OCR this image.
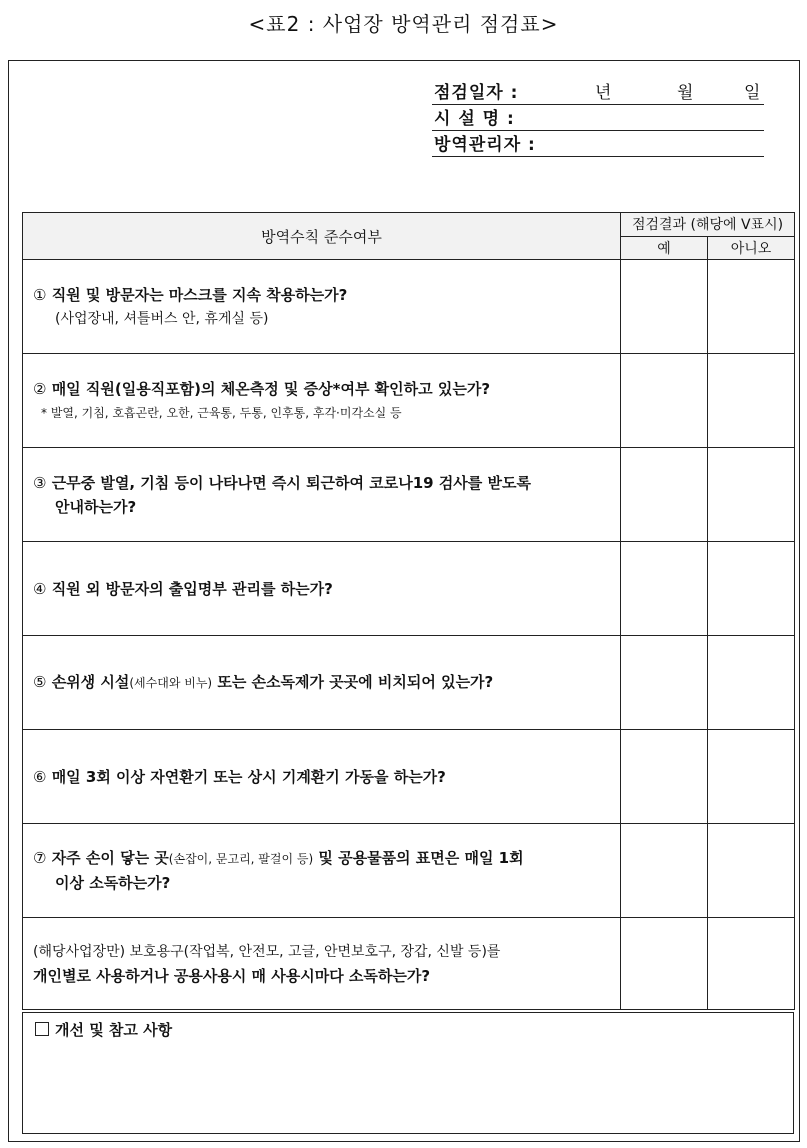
<표2 : 사업장 방역관리 점검표>
점검일자 :	년	월	일
시 설 명 :
방역관리자 :
방역수칙 준수여부	점검결과 (해당에 V표시)	
	예	아니오
① 직원 및 방문자는 마스크를 지속 착용하는가?
(사업장내, 셔틀버스 안, 휴게실 등)		

② 매일 직원(일용직포함)의 체온측정 및 증상*여부 확인하고 있는가?
* 발열, 기침, 호흡곤란, 오한, 근육통, 두통, 인후통, 후각·미각소실 등		

③ 근무중 발열, 기침 등이 나타나면 즉시 퇴근하여 코로나19 검사를 받도록
안내하는가?		

④ 직원 외 방문자의 출입명부 관리를 하는가?		
⑤ 손위생 시설(세수대와 비누) 또는 손소독제가 곳곳에 비치되어 있는가?		
⑥ 매일 3회 이상 자연환기 또는 상시 기계환기 가동을 하는가?		
⑦ 자주 손이 닿는 곳(손잡이, 문고리, 팔걸이 등) 및 공용물품의 표면은 매일 1회
이상 소독하는가?		

(해당사업장만) 보호용구(작업복, 안전모, 고글, 안면보호구, 장갑, 신발 등)를
개인별로 사용하거나 공용사용시 매 사용시마다 소독하는가?		
개선 및 참고 사항
